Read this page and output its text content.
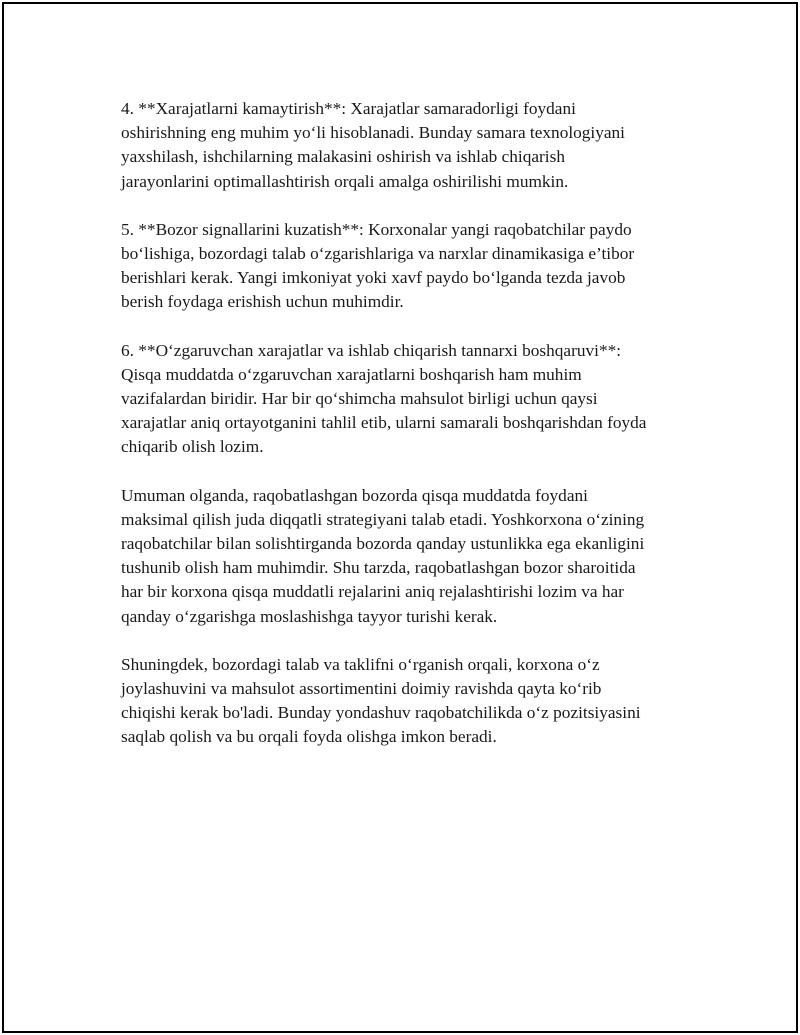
4. **Xarajatlarni kamaytirish**: Xarajatlar samaradorligi foydani
oshirishning eng muhim yo‘li hisoblanadi. Bunday samara texnologiyani
yaxshilash, ishchilarning malakasini oshirish va ishlab chiqarish
jarayonlarini optimallashtirish orqali amalga oshirilishi mumkin.

5. **Bozor signallarini kuzatish**: Korxonalar yangi raqobatchilar paydo
bo‘lishiga, bozordagi talab o‘zgarishlariga va narxlar dinamikasiga e’tibor
berishlari kerak. Yangi imkoniyat yoki xavf paydo bo‘lganda tezda javob
berish foydaga erishish uchun muhimdir.

6. **O‘zgaruvchan xarajatlar va ishlab chiqarish tannarxi boshqaruvi**:
Qisqa muddatda o‘zgaruvchan xarajatlarni boshqarish ham muhim
vazifalardan biridir. Har bir qo‘shimcha mahsulot birligi uchun qaysi
xarajatlar aniq ortayotganini tahlil etib, ularni samarali boshqarishdan foyda
chiqarib olish lozim.

Umuman olganda, raqobatlashgan bozorda qisqa muddatda foydani
maksimal qilish juda diqqatli strategiyani talab etadi. Yoshkorxona o‘zining
raqobatchilar bilan solishtirganda bozorda qanday ustunlikka ega ekanligini
tushunib olish ham muhimdir. Shu tarzda, raqobatlashgan bozor sharoitida
har bir korxona qisqa muddatli rejalarini aniq rejalashtirishi lozim va har
qanday o‘zgarishga moslashishga tayyor turishi kerak.

Shuningdek, bozordagi talab va taklifni o‘rganish orqali, korxona o‘z
joylashuvini va mahsulot assortimentini doimiy ravishda qayta ko‘rib
chiqishi kerak bo'ladi. Bunday yondashuv raqobatchilikda o‘z pozitsiyasini
saqlab qolish va bu orqali foyda olishga imkon beradi.
